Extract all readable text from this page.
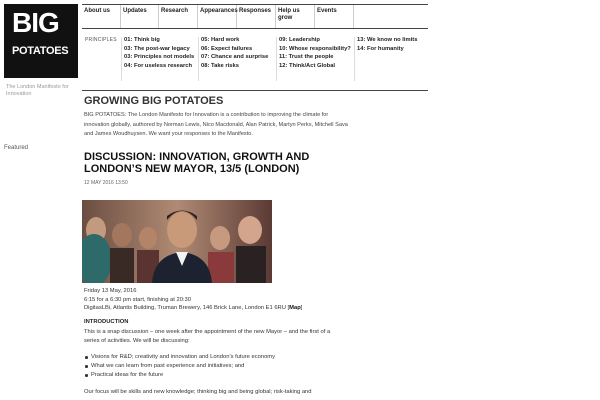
BIG
POTATOES
The London Manifesto for Innovation
Featured
About us	Updates	Research	Appearances Responses	Help us grow
Events
PRINCIPLES 01: Think big
03: The post-war legacy
03: Principles not models
04: For useless research
05: Hard work
06: Expect failures
07: Chance and surprise
08: Take risks
09: Leadership
10: Whose responsibility?
11: Trust the people
12: Think/Act Global
13: We know no limits
14: For humanity
GROWING BIG POTATOES
BIG POTATOES: The London Manifesto for Innovation is a contribution to improving the climate for innovation globally, authored by Norman Lewis, Nico Macdonald, Alan Patrick, Martyn Perks, Mitchell Sava and James Woudhuysen. We want your responses to the Manifesto.
DISCUSSION: INNOVATION, GROWTH AND LONDON’S NEW MAYOR, 13/5 (LONDON)
12 MAY 2016 13:50
Friday 13 May, 2016
6:15 for a 6:30 pm start, finishing at 20:30
DigitasLBi, Atlantis Building, Truman Brewery, 146 Brick Lane, London E1 6RU [Map]
INTRODUCTION
This is a snap discussion – one week after the appointment of the new Mayor – and the first of a series of activities. We will be discussing:
Visions for R&D; creativity and innovation and London's future economy
What we can learn from past experience and initiatives; and
Practical ideas for the future
Our focus will be skills and new knowledge; thinking big and being global; risk-taking and
